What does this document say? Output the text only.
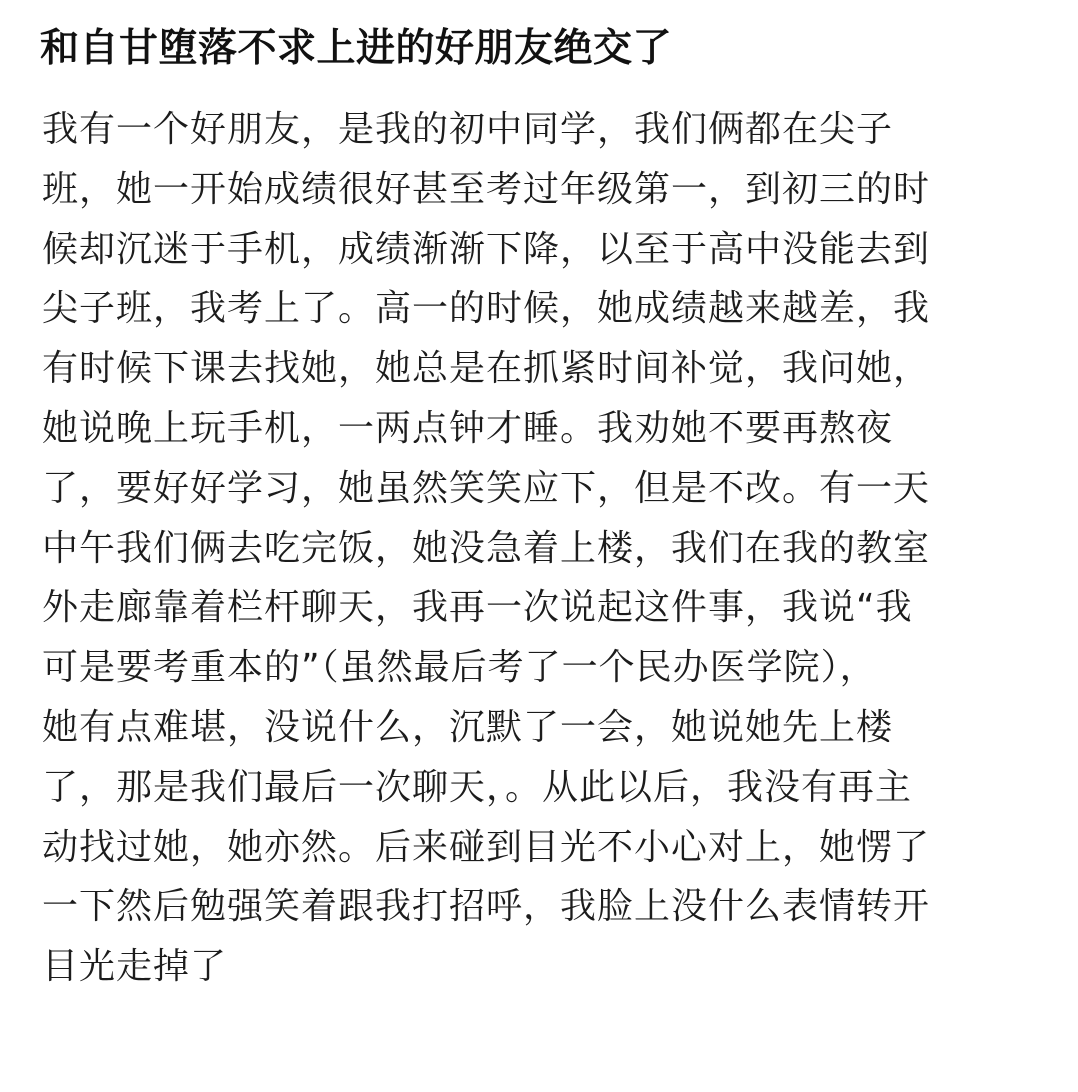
和自甘堕落不求上进的好朋友绝交了
我有一个好朋友，是我的初中同学，我们俩都在尖子
班，她一开始成绩很好甚至考过年级第一，到初三的时
候却沉迷于手机，成绩渐渐下降，以至于高中没能去到
尖子班，我考上了。高一的时候，她成绩越来越差，我
有时候下课去找她，她总是在抓紧时间补觉，我问她，
她说晚上玩手机，一两点钟才睡。我劝她不要再熬夜
了，要好好学习，她虽然笑笑应下，但是不改。有一天
中午我们俩去吃完饭，她没急着上楼，我们在我的教室
外走廊靠着栏杆聊天，我再一次说起这件事，我说“我
可是要考重本的”（虽然最后考了一个民办医学院），
她有点难堪，没说什么，沉默了一会，她说她先上楼
了，那是我们最后一次聊天，。从此以后，我没有再主
动找过她，她亦然。后来碰到目光不小心对上，她愣了
一下然后勉强笑着跟我打招呼，我脸上没什么表情转开
目光走掉了
